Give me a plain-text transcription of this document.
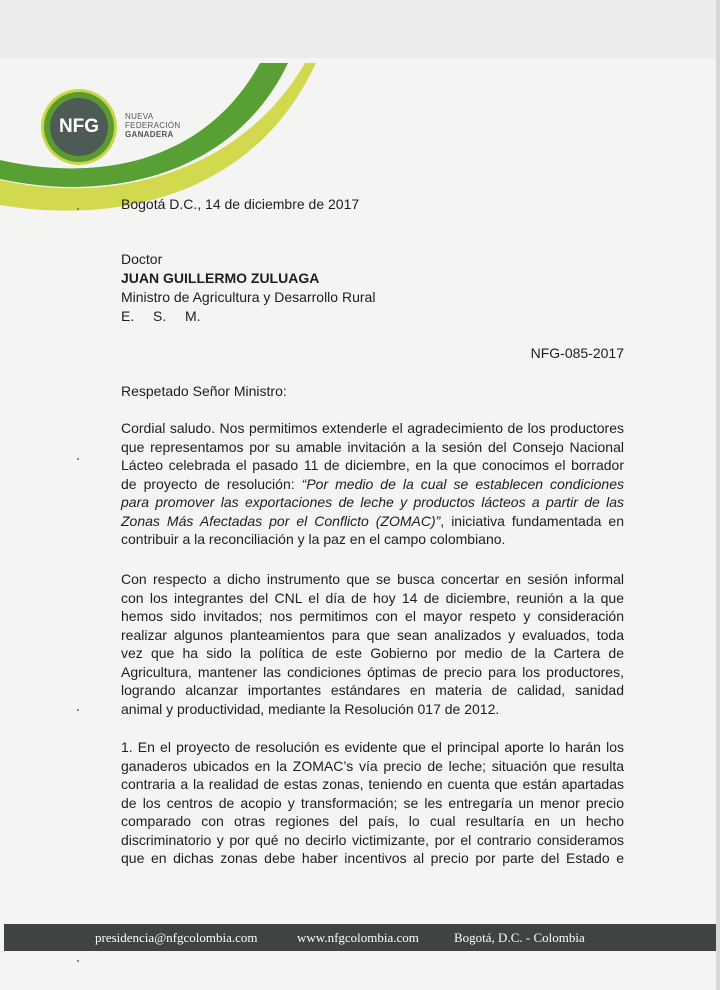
NFG	NUEVA
FEDERACIÓN
GANADERA
Bogotá D.C., 14 de diciembre de 2017
Doctor
JUAN GUILLERMO ZULUAGA
Ministro de Agricultura y Desarrollo Rural
E. S. M.
NFG-085-2017
Respetado Señor Ministro:
Cordial saludo. Nos permitimos extenderle el agradecimiento de los productores
que representamos por su amable invitación a la sesión del Consejo Nacional
Lácteo celebrada el pasado 11 de diciembre, en la que conocimos el borrador
de proyecto de resolución: “Por medio de la cual se establecen condiciones
para promover las exportaciones de leche y productos lácteos a partir de las
Zonas Más Afectadas por el Conflicto (ZOMAC)”, iniciativa fundamentada en
contribuir a la reconciliación y la paz en el campo colombiano.
Con respecto a dicho instrumento que se busca concertar en sesión informal
con los integrantes del CNL el día de hoy 14 de diciembre, reunión a la que
hemos sido invitados; nos permitimos con el mayor respeto y consideración
realizar algunos planteamientos para que sean analizados y evaluados, toda
vez que ha sido la política de este Gobierno por medio de la Cartera de
Agricultura, mantener las condiciones óptimas de precio para los productores,
logrando alcanzar importantes estándares en materia de calidad, sanidad
animal y productividad, mediante la Resolución 017 de 2012.
1. En el proyecto de resolución es evidente que el principal aporte lo harán los
ganaderos ubicados en la ZOMAC’s vía precio de leche; situación que resulta
contraria a la realidad de estas zonas, teniendo en cuenta que están apartadas
de los centros de acopio y transformación; se les entregaría un menor precio
comparado con otras regiones del país, lo cual resultaría en un hecho
discriminatorio y por qué no decirlo victimizante, por el contrario consideramos
que en dichas zonas debe haber incentivos al precio por parte del Estado e
presidencia@nfgcolombia.com	www.nfgcolombia.com	Bogotá, D.C. - Colombia
